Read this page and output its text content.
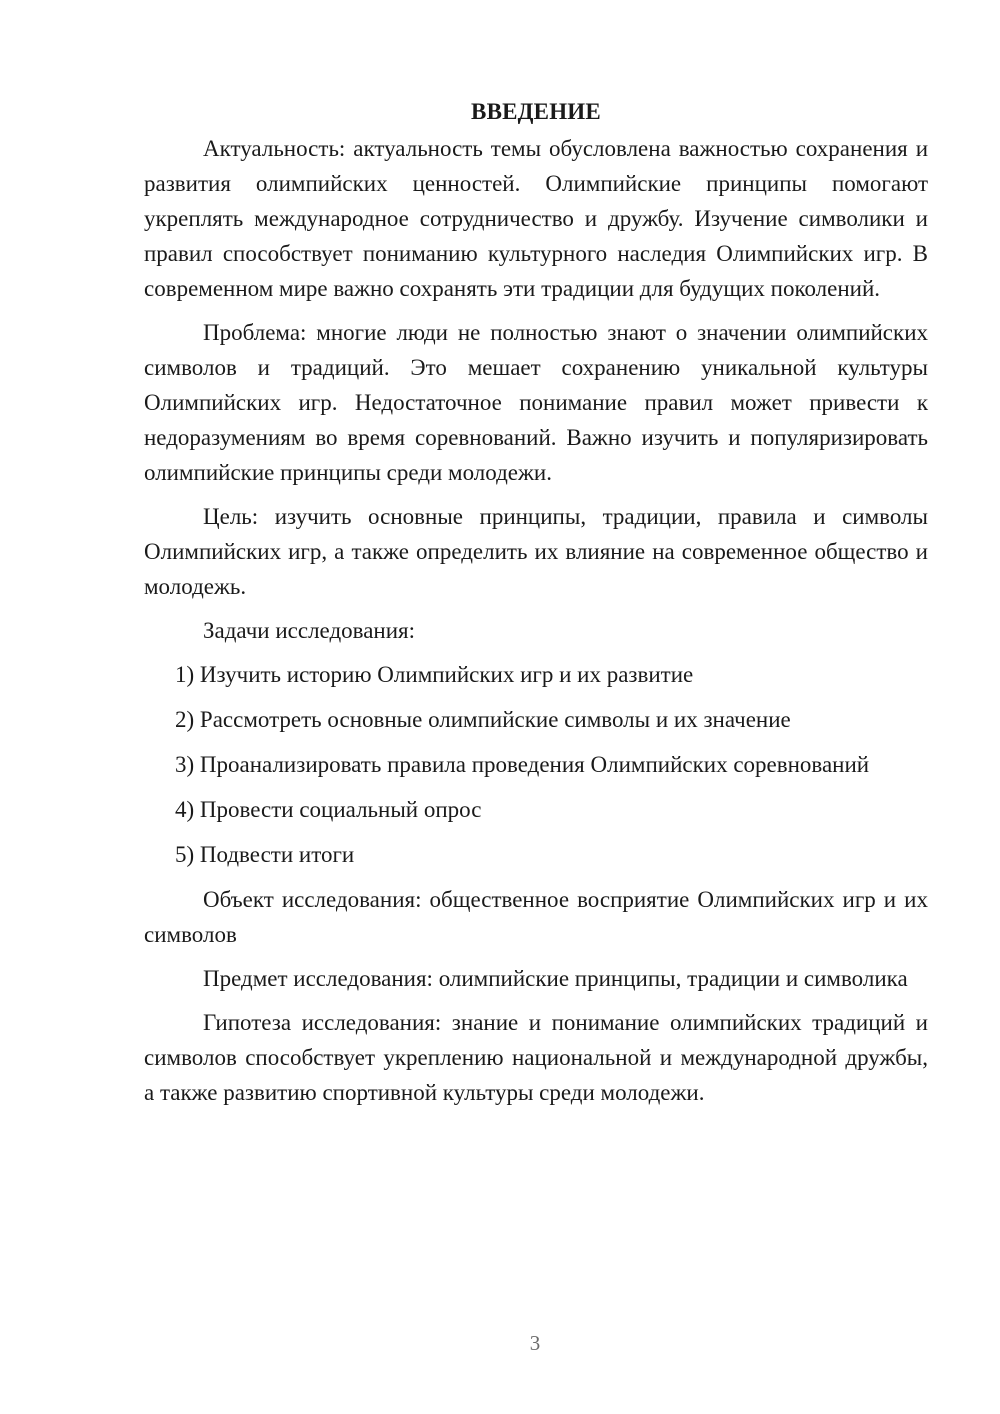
ВВЕДЕНИЕ

Актуальность: актуальность темы обусловлена важностью сохранения и развития олимпийских ценностей. Олимпийские принципы помогают укреплять международное сотрудничество и дружбу. Изучение символики и правил способствует пониманию культурного наследия Олимпийских игр. В современном мире важно сохранять эти традиции для будущих поколений.

Проблема: многие люди не полностью знают о значении олимпийских символов и традиций. Это мешает сохранению уникальной культуры Олимпийских игр. Недостаточное понимание правил может привести к недоразумениям во время соревнований. Важно изучить и популяризировать олимпийские принципы среди молодежи.

Цель: изучить основные принципы, традиции, правила и символы Олимпийских игр, а также определить их влияние на современное общество и молодежь.

Задачи исследования:

1) Изучить историю Олимпийских игр и их развитие

2) Рассмотреть основные олимпийские символы и их значение

3) Проанализировать правила проведения Олимпийских соревнований

4) Провести социальный опрос

5) Подвести итоги

Объект исследования: общественное восприятие Олимпийских игр и их символов

Предмет исследования: олимпийские принципы, традиции и символика

Гипотеза исследования: знание и понимание олимпийских традиций и символов способствует укреплению национальной и международной дружбы, а также развитию спортивной культуры среди молодежи.

3
